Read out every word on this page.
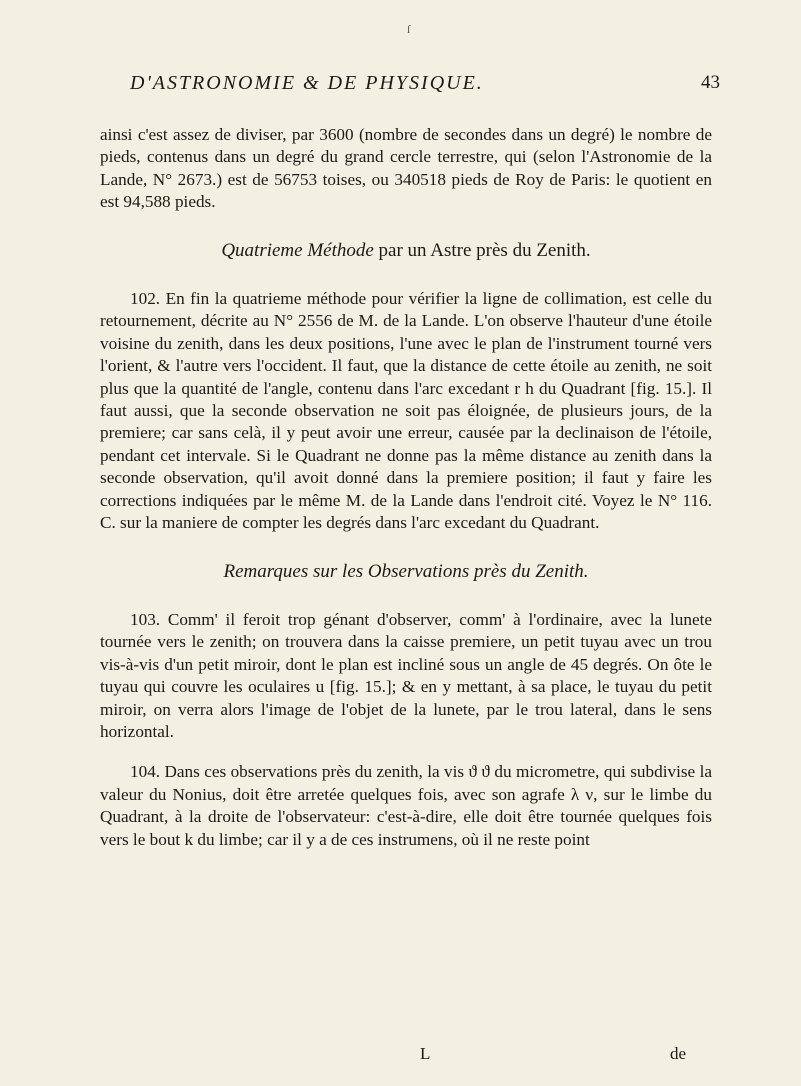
ſ
D'ASTRONOMIE & DE PHYSIQUE.	43

ainsi c'est assez de diviser, par 3600 (nombre de secondes dans un degré) le nombre de pieds, contenus dans un degré du grand cercle terrestre, qui (selon l'Astronomie de la Lande, N° 2673.) est de 56753 toises, ou 340518 pieds de Roy de Paris: le quotient en est 94,588 pieds.

Quatrieme Méthode par un Astre près du Zenith.

102. En fin la quatrieme méthode pour vérifier la ligne de collimation, est celle du retournement, décrite au N° 2556 de M. de la Lande. L'on observe l'hauteur d'une étoile voisine du zenith, dans les deux positions, l'une avec le plan de l'instrument tourné vers l'orient, & l'autre vers l'occident. Il faut, que la distance de cette étoile au zenith, ne soit plus que la quantité de l'angle, contenu dans l'arc excedant r h du Quadrant [fig. 15.]. Il faut aussi, que la seconde observation ne soit pas éloignée, de plusieurs jours, de la premiere; car sans celà, il y peut avoir une erreur, causée par la declinaison de l'étoile, pendant cet intervale. Si le Quadrant ne donne pas la même distance au zenith dans la seconde observation, qu'il avoit donné dans la premiere position; il faut y faire les corrections indiquées par le même M. de la Lande dans l'endroit cité. Voyez le N° 116. C. sur la maniere de compter les degrés dans l'arc excedant du Quadrant.

Remarques sur les Observations près du Zenith.

103. Comm' il feroit trop génant d'observer, comm' à l'ordinaire, avec la lunete tournée vers le zenith; on trouvera dans la caisse premiere, un petit tuyau avec un trou vis-à-vis d'un petit miroir, dont le plan est incliné sous un angle de 45 degrés. On ôte le tuyau qui couvre les oculaires u [fig. 15.]; & en y mettant, à sa place, le tuyau du petit miroir, on verra alors l'image de l'objet de la lunete, par le trou lateral, dans le sens horizontal.

104. Dans ces observations près du zenith, la vis ϑ ϑ du micrometre, qui subdivise la valeur du Nonius, doit être arretée quelques fois, avec son agrafe λ ν, sur le limbe du Quadrant, à la droite de l'observateur: c'est-à-dire, elle doit être tournée quelques fois vers le bout k du limbe; car il y a de ces instrumens, où il ne reste point

L	de
